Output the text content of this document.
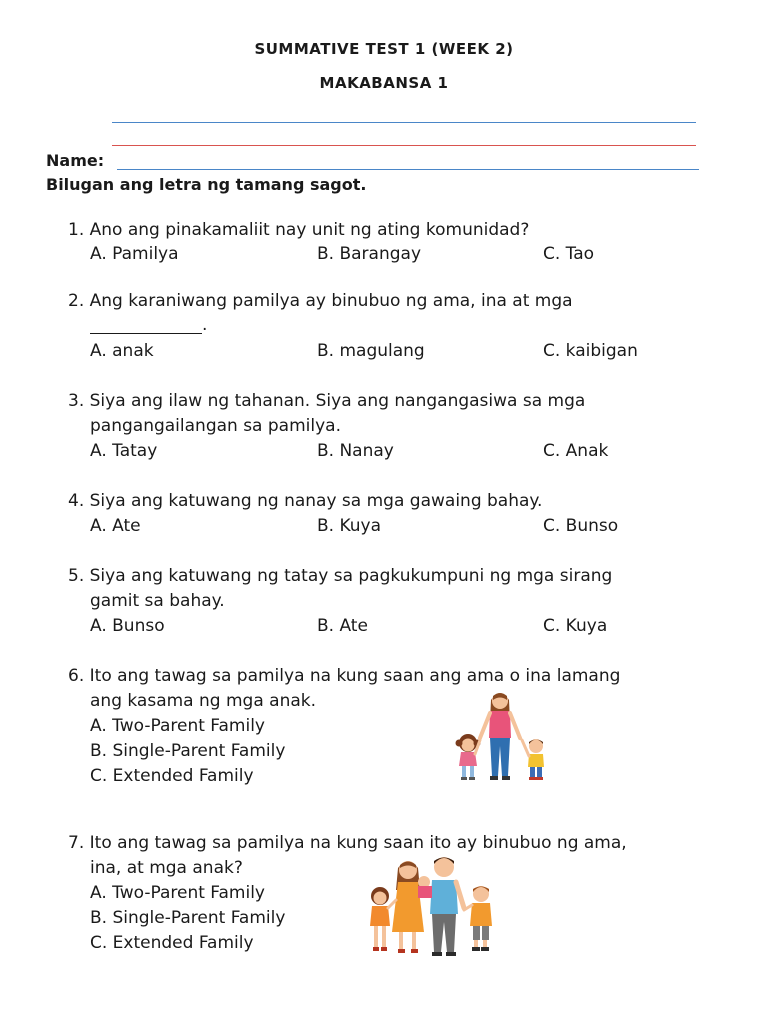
SUMMATIVE TEST 1 (WEEK 2)
MAKABANSA 1
Name:
Bilugan ang letra ng tamang sagot.
1. Ano ang pinakamaliit nay unit ng ating komunidad?
A. Pamilya	B. Barangay	C. Tao
2. Ang karaniwang pamilya ay binubuo ng ama, ina at mga
.
A. anak	B. magulang	C. kaibigan
3. Siya ang ilaw ng tahanan. Siya ang nangangasiwa sa mga
pangangailangan sa pamilya.
A. Tatay	B. Nanay	C. Anak
4. Siya ang katuwang ng nanay sa mga gawaing bahay.
A. Ate	B. Kuya	C. Bunso
5. Siya ang katuwang ng tatay sa pagkukumpuni ng mga sirang
gamit sa bahay.
A. Bunso	B. Ate	C. Kuya
6. Ito ang tawag sa pamilya na kung saan ang ama o ina lamang
ang kasama ng mga anak.
A. Two-Parent Family
B. Single-Parent Family
C. Extended Family
7. Ito ang tawag sa pamilya na kung saan ito ay binubuo ng ama,
ina, at mga anak?
A. Two-Parent Family
B. Single-Parent Family
C. Extended Family
